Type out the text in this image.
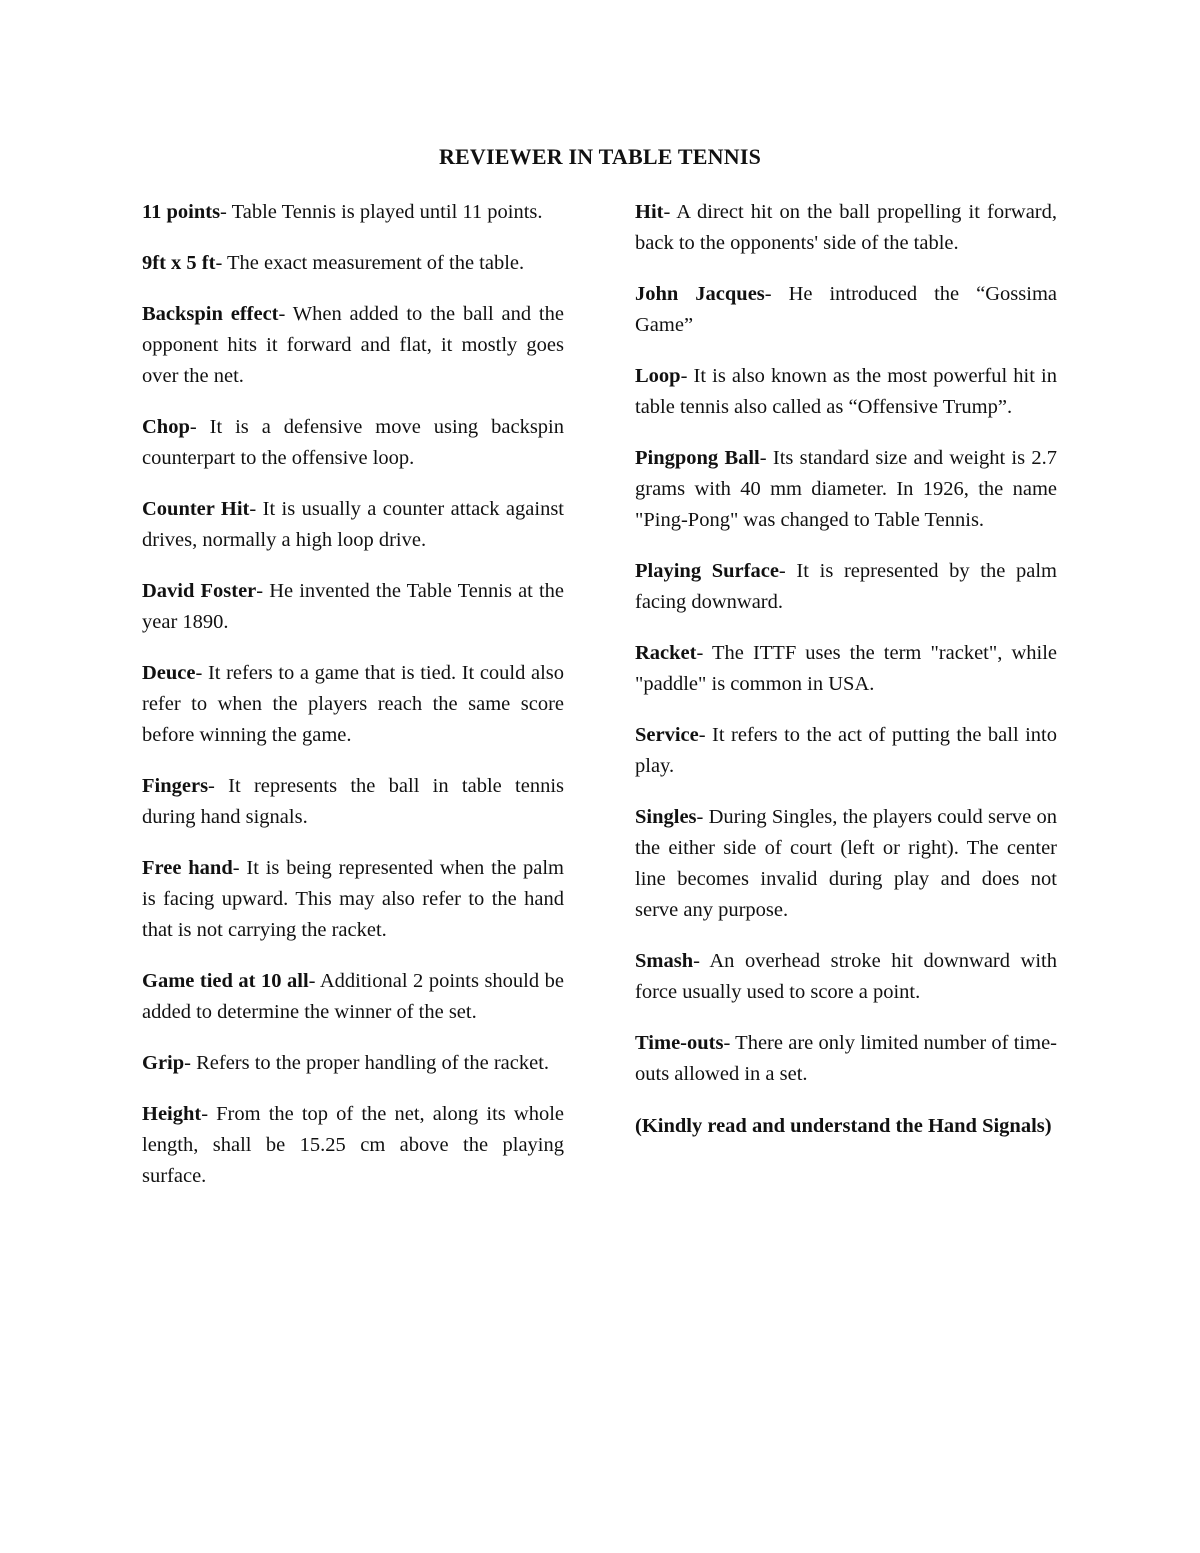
REVIEWER IN TABLE TENNIS

11 points- Table Tennis is played until 11 points.

9ft x 5 ft- The exact measurement of the table.

Backspin effect- When added to the ball and the opponent hits it forward and flat, it mostly goes over the net.

Chop- It is a defensive move using backspin counterpart to the offensive loop.

Counter Hit- It is usually a counter attack against drives, normally a high loop drive.

David Foster- He invented the Table Tennis at the year 1890.

Deuce- It refers to a game that is tied. It could also refer to when the players reach the same score before winning the game.

Fingers- It represents the ball in table tennis during hand signals.

Free hand- It is being represented when the palm is facing upward. This may also refer to the hand that is not carrying the racket.

Game tied at 10 all- Additional 2 points should be added to determine the winner of the set.

Grip- Refers to the proper handling of the racket.

Height- From the top of the net, along its whole length, shall be 15.25 cm above the playing surface.

Hit- A direct hit on the ball propelling it forward, back to the opponents' side of the table.

John Jacques- He introduced the “Gossima Game”

Loop- It is also known as the most powerful hit in table tennis also called as “Offensive Trump”.

Pingpong Ball- Its standard size and weight is 2.7 grams with 40 mm diameter. In 1926, the name "Ping-Pong" was changed to Table Tennis.

Playing Surface- It is represented by the palm facing downward.

Racket- The ITTF uses the term "racket", while "paddle" is common in USA.

Service- It refers to the act of putting the ball into play.

Singles- During Singles, the players could serve on the either side of court (left or right). The center line becomes invalid during play and does not serve any purpose.

Smash- An overhead stroke hit downward with force usually used to score a point.

Time-outs- There are only limited number of time-outs allowed in a set.

(Kindly read and understand the Hand Signals)
